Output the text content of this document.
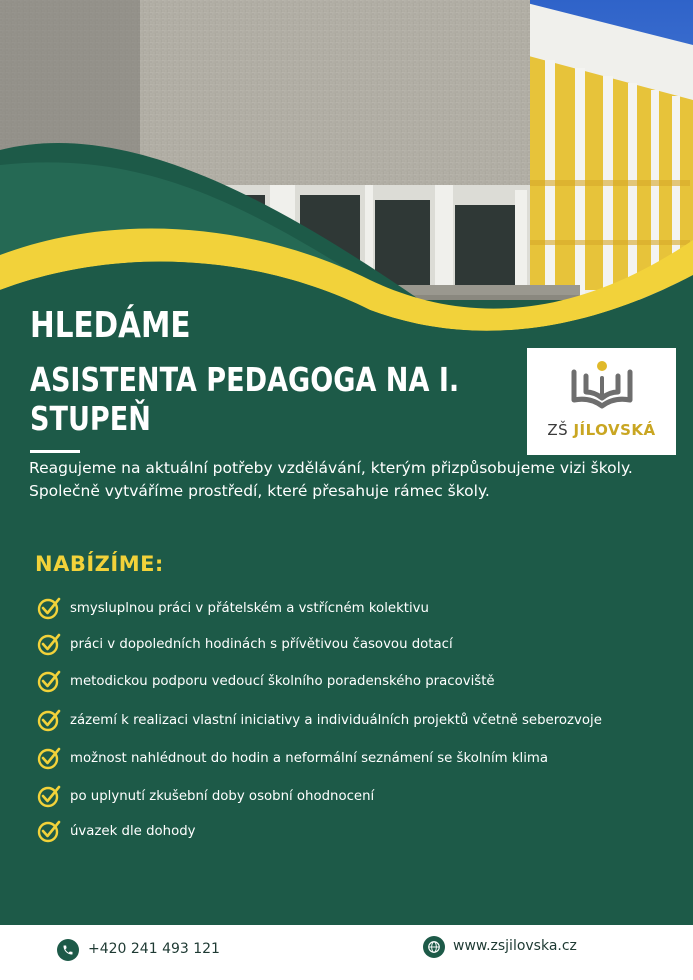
HLEDÁME
ASISTENTA PEDAGOGA NA I. STUPEŇ	ZŠ JÍLOVSKÁ

Reagujeme na aktuální potřeby vzdělávání, kterým přizpůsobujeme vizi školy. Společně vytváříme prostředí, které přesahuje rámec školy.

NABÍZÍME:
smysluplnou práci v přátelském a vstřícném kolektivu
práci v dopoledních hodinách s přívětivou časovou dotací
metodickou podporu vedoucí školního poradenského pracoviště
zázemí k realizaci vlastní iniciativy a individuálních projektů včetně seberozvoje
možnost nahlédnout do hodin a neformální seznámení se školním klima
po uplynutí zkušební doby osobní ohodnocení
úvazek dle dohody
+420 241 493 121	www.zsjilovska.cz
